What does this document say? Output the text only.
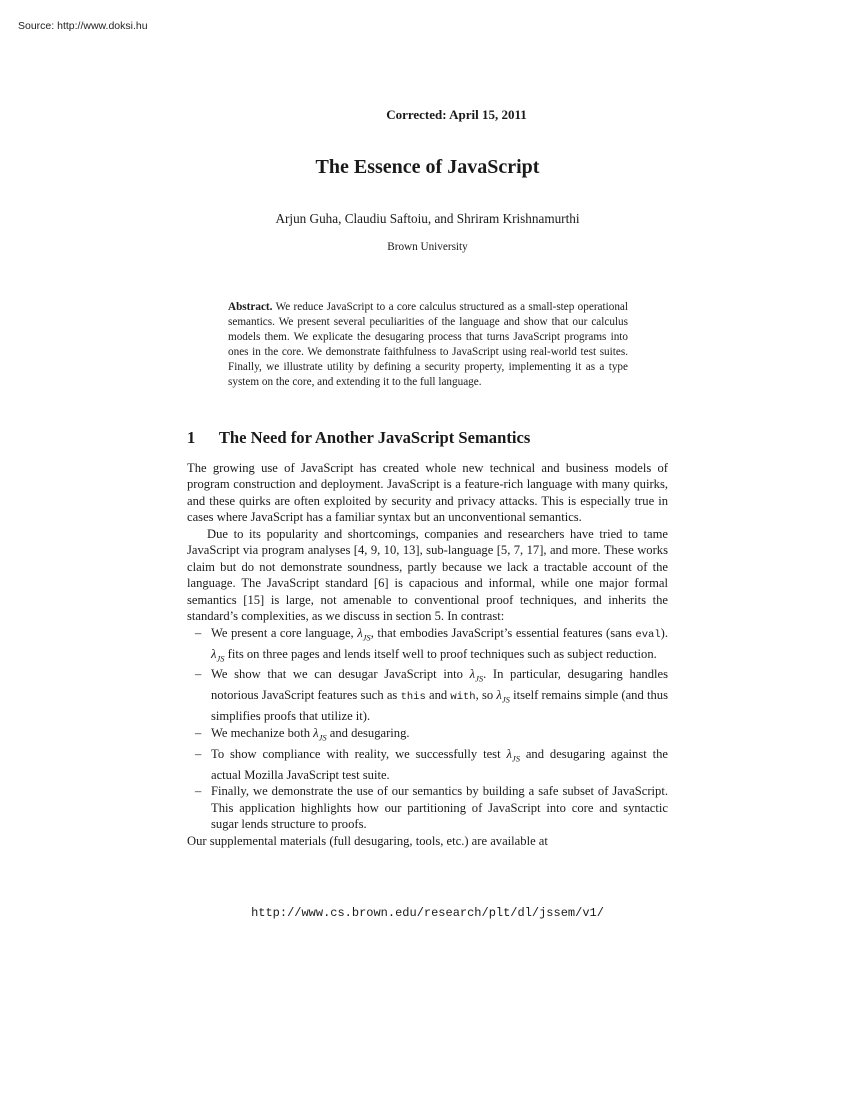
Source: http://www.doksi.hu
Corrected: April 15, 2011
The Essence of JavaScript
Arjun Guha, Claudiu Saftoiu, and Shriram Krishnamurthi
Brown University

Abstract. We reduce JavaScript to a core calculus structured as a small-step operational semantics. We present several peculiarities of the language and show that our calculus models them. We explicate the desugaring process that turns JavaScript programs into ones in the core. We demonstrate faithfulness to JavaScript using real-world test suites. Finally, we illustrate utility by defining a security property, implementing it as a type system on the core, and extending it to the full language.

1 The Need for Another JavaScript Semantics

The growing use of JavaScript has created whole new technical and business models of program construction and deployment. JavaScript is a feature-rich language with many quirks, and these quirks are often exploited by security and privacy attacks. This is especially true in cases where JavaScript has a familiar syntax but an unconventional semantics.

Due to its popularity and shortcomings, companies and researchers have tried to tame JavaScript via program analyses [4, 9, 10, 13], sub-language [5, 7, 17], and more. These works claim but do not demonstrate soundness, partly because we lack a tractable account of the language. The JavaScript standard [6] is capacious and informal, while one major formal semantics [15] is large, not amenable to conventional proof techniques, and inherits the standard’s complexities, as we discuss in section 5. In contrast:

– We present a core language, $\lambda_{JS}$, that embodies JavaScript’s essential features (sans eval). $\lambda_{JS}$ fits on three pages and lends itself well to proof techniques such as subject reduction.
– We show that we can desugar JavaScript into $\lambda_{JS}$. In particular, desugaring handles notorious JavaScript features such as this and with, so $\lambda_{JS}$ itself remains simple (and thus simplifies proofs that utilize it).
– We mechanize both $\lambda_{JS}$ and desugaring.
– To show compliance with reality, we successfully test $\lambda_{JS}$ and desugaring against the actual Mozilla JavaScript test suite.
– Finally, we demonstrate the use of our semantics by building a safe subset of JavaScript. This application highlights how our partitioning of JavaScript into core and syntactic sugar lends structure to proofs.

Our supplemental materials (full desugaring, tools, etc.) are available at

http://www.cs.brown.edu/research/plt/dl/jssem/v1/
